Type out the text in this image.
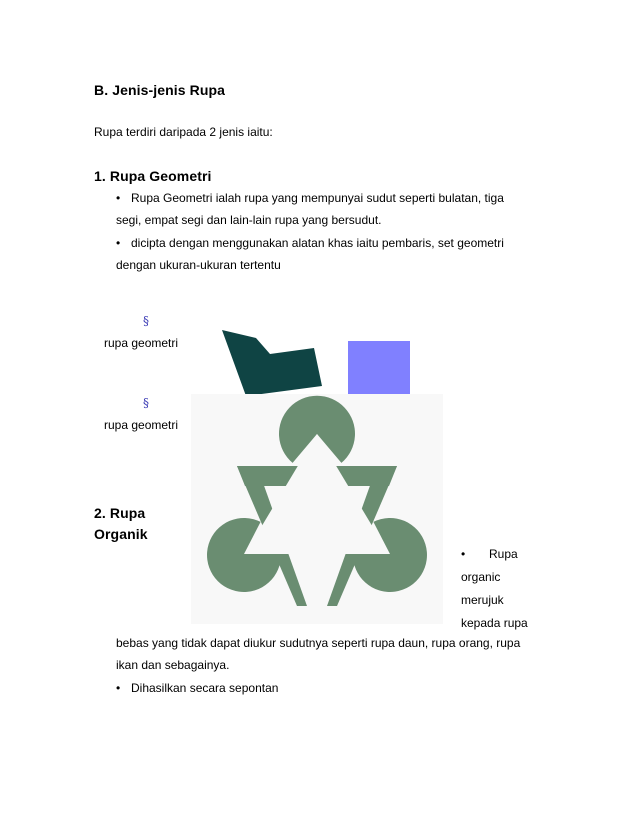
B. Jenis-jenis Rupa
Rupa terdiri daripada 2 jenis iaitu:
1. Rupa Geometri
• Rupa Geometri ialah rupa yang mempunyai sudut seperti bulatan, tiga
segi, empat segi dan lain-lain rupa yang bersudut.
• dicipta dengan menggunakan alatan khas iaitu pembaris, set geometri
dengan ukuran-ukuran tertentu
§
rupa geometri
§
rupa geometri
2. Rupa
Organik
• Rupa
organic
merujuk
kepada rupa
bebas yang tidak dapat diukur sudutnya seperti rupa daun, rupa orang, rupa
ikan dan sebagainya.
• Dihasilkan secara sepontan
